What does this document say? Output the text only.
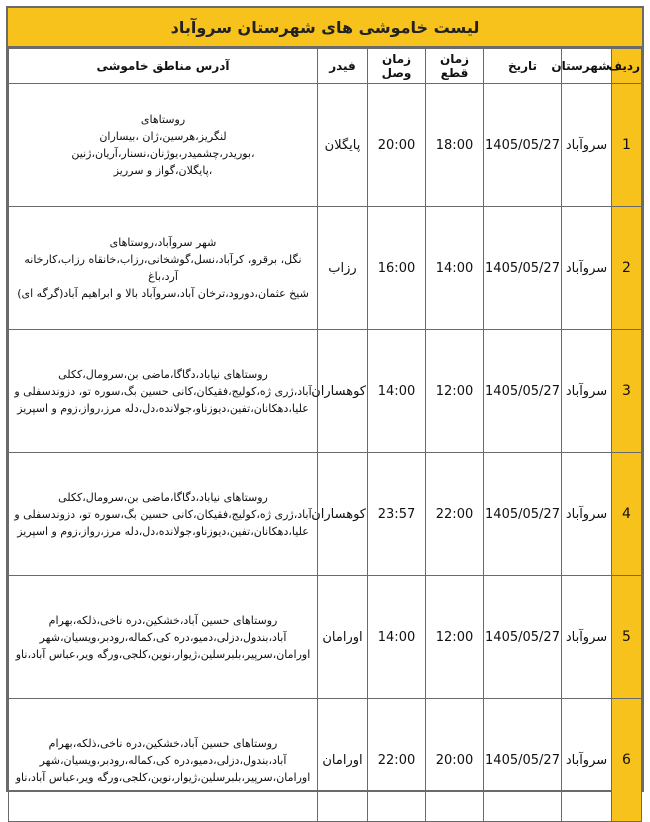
لیست خاموشی های شهرستان سروآباد
ردیف	شهرستان	تاریخ	زمان قطع	زمان وصل	فیدر	آدرس مناطق خاموشی
1	سروآباد	1405/05/27	18:00	20:00	پایگلان	روستاهای
لنگریز،هرسین،ژان ،بیساران ،بوریدر،چشمیدر،یوژنان،نسنار،آریان،ژنین
،پایگلان،گواز و سرریز

2	سروآباد	1405/05/27	14:00	16:00	رزاب	شهر سروآباد،روستاهای
نگل، برقرو، کرآباد،نسل،گوشخانی،رزاب،خانقاه رزاب،کارخانه آرد،باغ
شیخ عثمان،دورود،ترخان آباد،سروآباد بالا و ابراهیم آباد(گرگه ای)

3	سروآباد	1405/05/27	12:00	14:00	کوهساران	روستاهای نیاباد،دگاگا،ماضی بن،سرومال،ککلی
آباد،ژری ژه،کولیج،فقیکان،کانی حسین بگ،سوره تو، دزوندسفلی و
علیا،دهکانان،تفین،دیوزناو،جولانده،دل،دله مرز،رواز،زوم و اسپریز

4	سروآباد	1405/05/27	22:00	23:57	کوهساران	روستاهای نیاباد،دگاگا،ماضی بن،سرومال،ککلی
آباد،ژری ژه،کولیج،فقیکان،کانی حسین بگ،سوره تو، دزوندسفلی و
علیا،دهکانان،تفین،دیوزناو،جولانده،دل،دله مرز،رواز،زوم و اسپریز

5	سروآباد	1405/05/27	12:00	14:00	اورامان	روستاهای حسین آباد،خشکین،دره ناخی،ذلکه،بهرام
آباد،بندول،دزلی،دمیو،دره کی،کماله،رودبر،ویسیان،شهر
اورامان،سرپیر،بلبرسلین،ژیوار،نوین،کلجی،ورگه ویر،عباس آباد،ناو

6	سروآباد	1405/05/27	20:00	22:00	اورامان	روستاهای حسین آباد،خشکین،دره ناخی،ذلکه،بهرام
آباد،بندول،دزلی،دمیو،دره کی،کماله،رودبر،ویسیان،شهر
اورامان،سرپیر،بلبرسلین،ژیوار،نوین،کلجی،ورگه ویر،عباس آباد،ناو
